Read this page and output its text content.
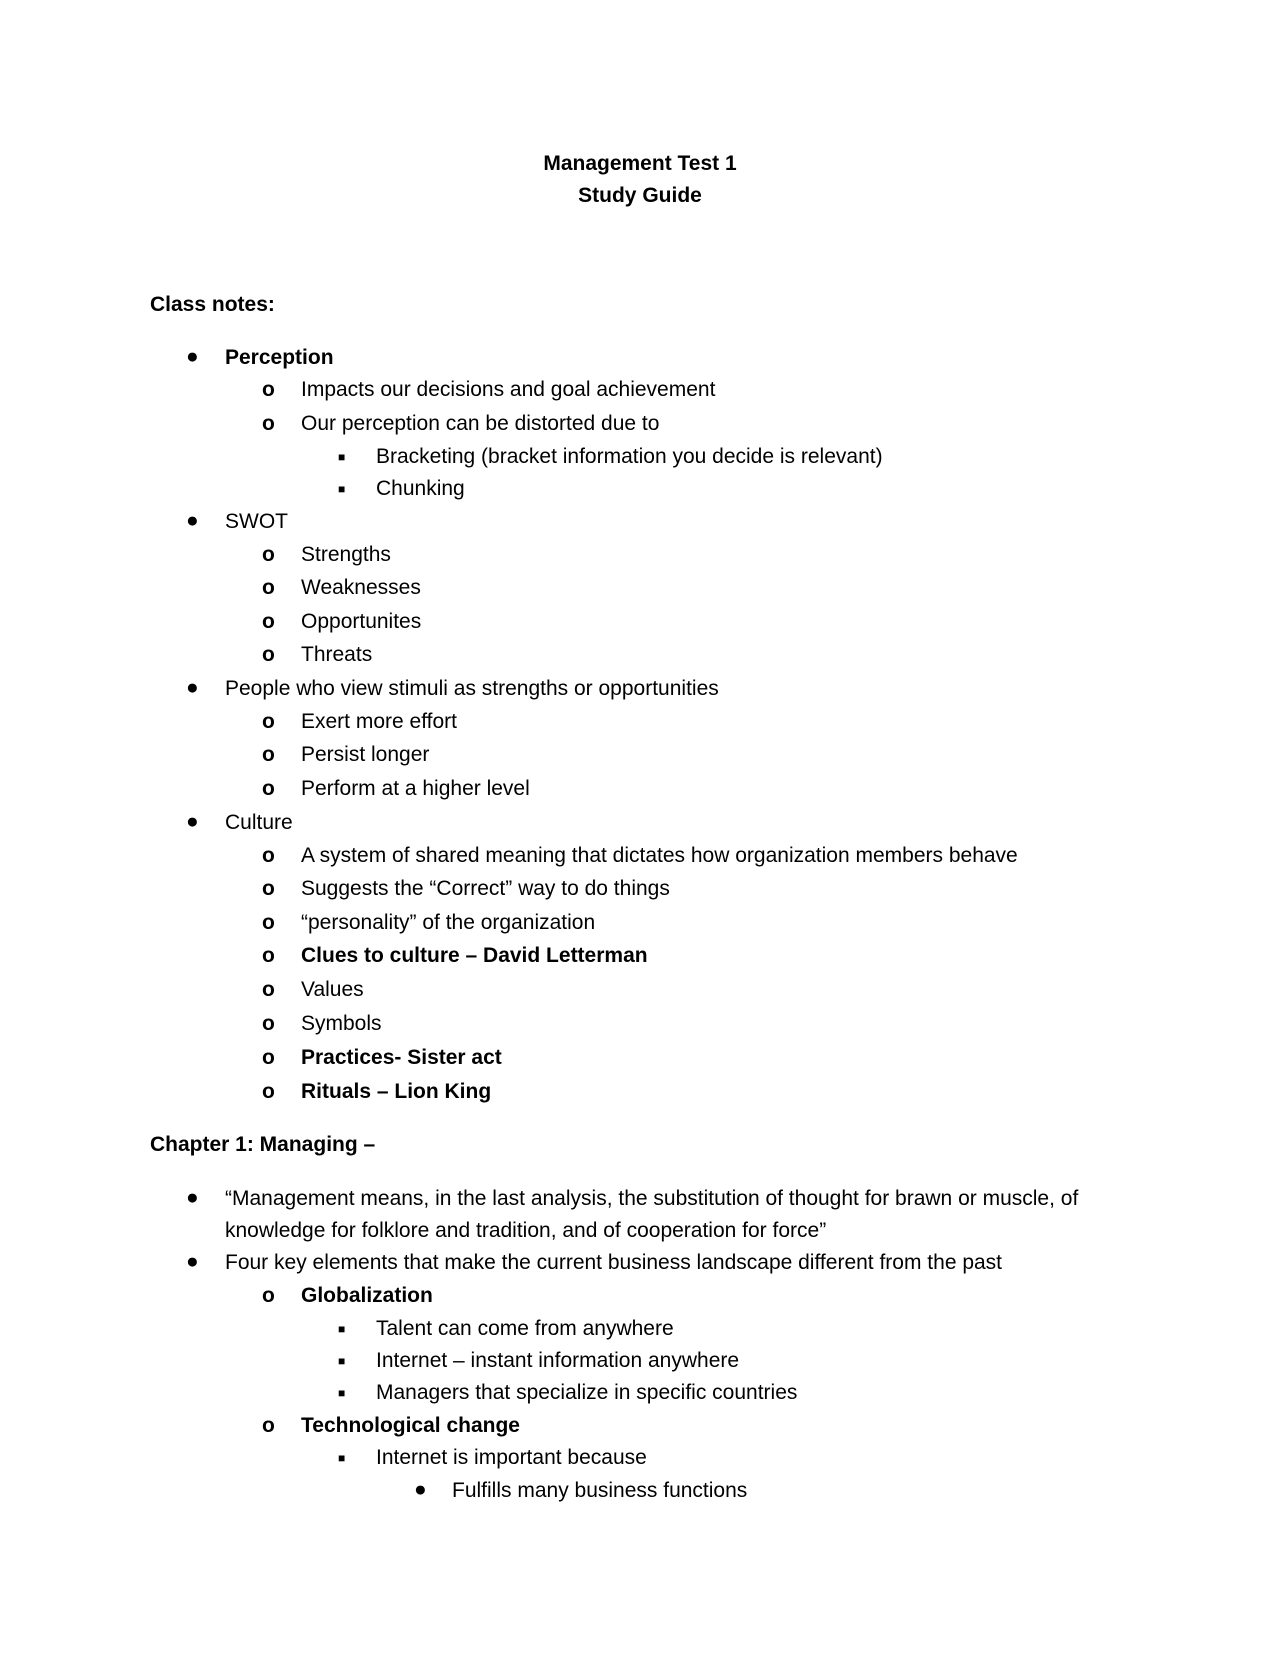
Management Test 1
Study Guide
Class notes:
● Perception
o Impacts our decisions and goal achievement
o Our perception can be distorted due to
■ Bracketing (bracket information you decide is relevant)
■ Chunking
● SWOT
o Strengths
o Weaknesses
o Opportunites
o Threats
● People who view stimuli as strengths or opportunities
o Exert more effort
o Persist longer
o Perform at a higher level
● Culture
o A system of shared meaning that dictates how organization members behave
o Suggests the “Correct” way to do things
o “personality” of the organization
o Clues to culture – David Letterman
o Values
o Symbols
o Practices- Sister act
o Rituals – Lion King
Chapter 1: Managing –
● “Management means, in the last analysis, the substitution of thought for brawn or muscle, of
knowledge for folklore and tradition, and of cooperation for force”
● Four key elements that make the current business landscape different from the past
o Globalization
■ Talent can come from anywhere
■ Internet – instant information anywhere
■ Managers that specialize in specific countries
o Technological change
■ Internet is important because
● Fulfills many business functions
